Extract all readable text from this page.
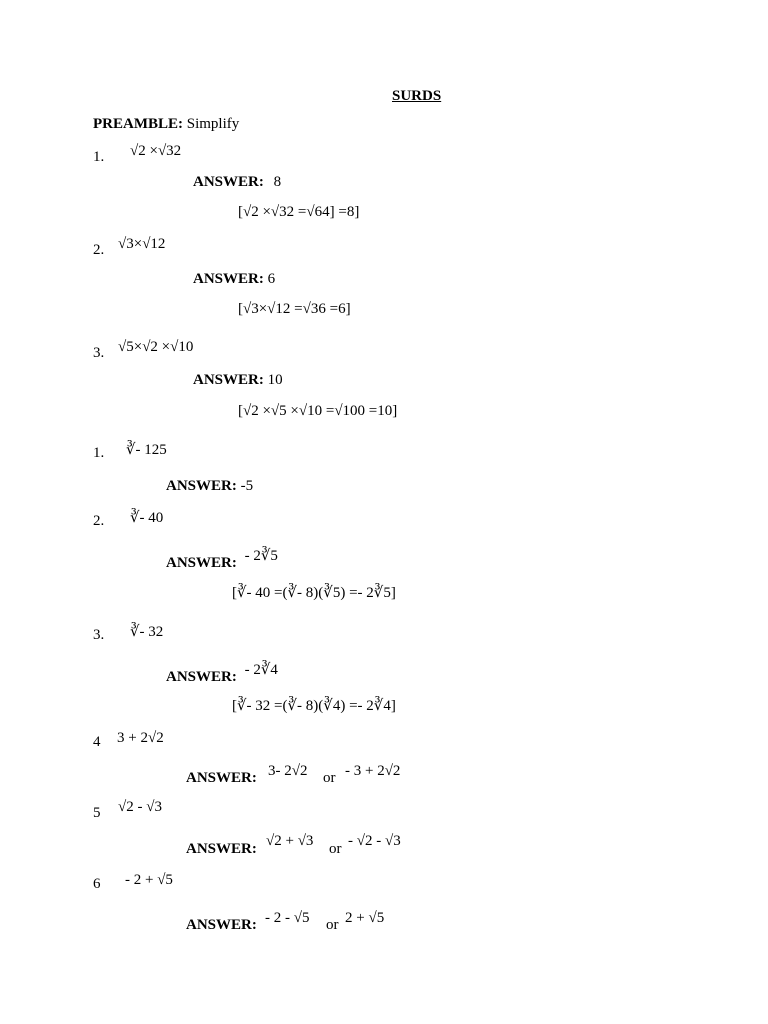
SURDS
PREAMBLE: Simplify
1. √2 ×√32
ANSWER: 8
[√2 ×√32 =√64] =8]
2. √3×√12
ANSWER: 6
[√3×√12 =√36 =6]
3. √5×√2 ×√10
ANSWER: 10
[√2 ×√5 ×√10 =√100 =10]
1. ∛- 125
ANSWER: -5
2. ∛- 40
ANSWER: - 2∛5
[∛- 40 =(∛- 8)(∛5) =- 2∛5]
3. ∛- 32
ANSWER: - 2∛4
[∛- 32 =(∛- 8)(∛4) =- 2∛4]
4 3 + 2√2
ANSWER: 3- 2√2 or - 3 + 2√2
5 √2 - √3
ANSWER: √2 + √3 or - √2 - √3
6 - 2 + √5
ANSWER: - 2 - √5 or 2 + √5
